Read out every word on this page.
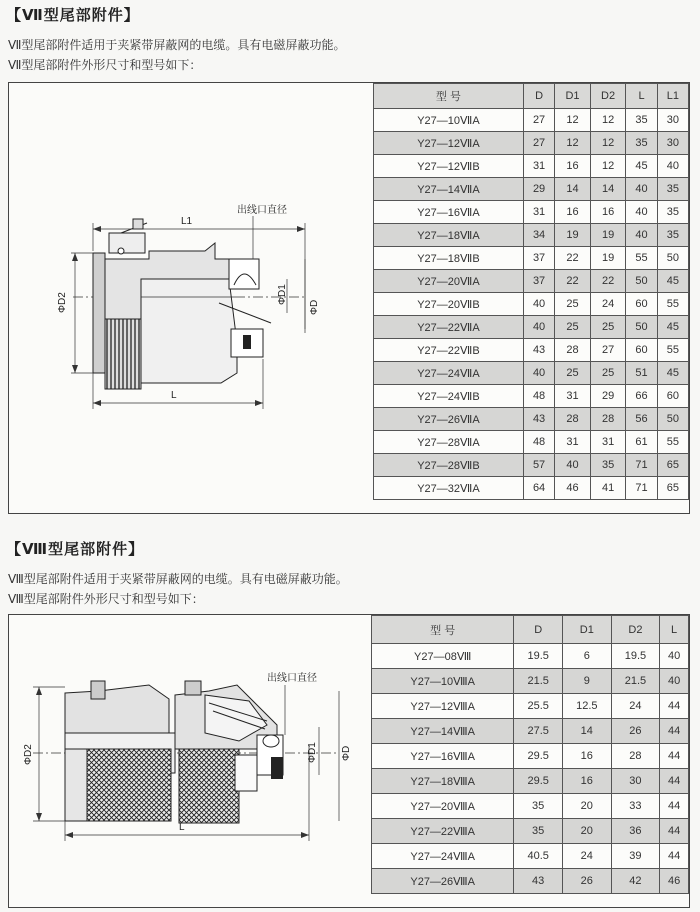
【Ⅶ型尾部附件】
Ⅶ型尾部附件适用于夹紧带屏蔽网的电缆。具有电磁屏蔽功能。
Ⅶ型尾部附件外形尺寸和型号如下：
L1
出线口直径
L
ΦD2	ΦD1
ΦD
型 号	D	D1	D2	L	L1
Y27—10ⅦA	27	12	12	35	30
Y27—12ⅦA	27	12	12	35	30
Y27—12ⅦB	31	16	12	45	40
Y27—14ⅦA	29	14	14	40	35
Y27—16ⅦA	31	16	16	40	35
Y27—18ⅦA	34	19	19	40	35
Y27—18ⅦB	37	22	19	55	50
Y27—20ⅦA	37	22	22	50	45
Y27—20ⅦB	40	25	24	60	55
Y27—22ⅦA	40	25	25	50	45
Y27—22ⅦB	43	28	27	60	55
Y27—24ⅦA	40	25	25	51	45
Y27—24ⅦB	48	31	29	66	60
Y27—26ⅦA	43	28	28	56	50
Y27—28ⅦA	48	31	31	61	55
Y27—28ⅦB	57	40	35	71	65
Y27—32ⅦA	64	46	41	71	65
【Ⅷ型尾部附件】
Ⅷ型尾部附件适用于夹紧带屏蔽网的电缆。具有电磁屏蔽功能。
Ⅷ型尾部附件外形尺寸和型号如下：
出线口直径
L
ΦD2	ΦD1 ΦD
型 号	D	D1	D2	L
Y27—08Ⅷ	19.5	6	19.5	40
Y27—10ⅧA	21.5	9	21.5	40
Y27—12ⅧA	25.5	12.5	24	44
Y27—14ⅧA	27.5	14	26	44
Y27—16ⅧA	29.5	16	28	44
Y27—18ⅧA	29.5	16	30	44
Y27—20ⅧA	35	20	33	44
Y27—22ⅧA	35	20	36	44
Y27—24ⅧA	40.5	24	39	44
Y27—26ⅧA	43	26	42	46
